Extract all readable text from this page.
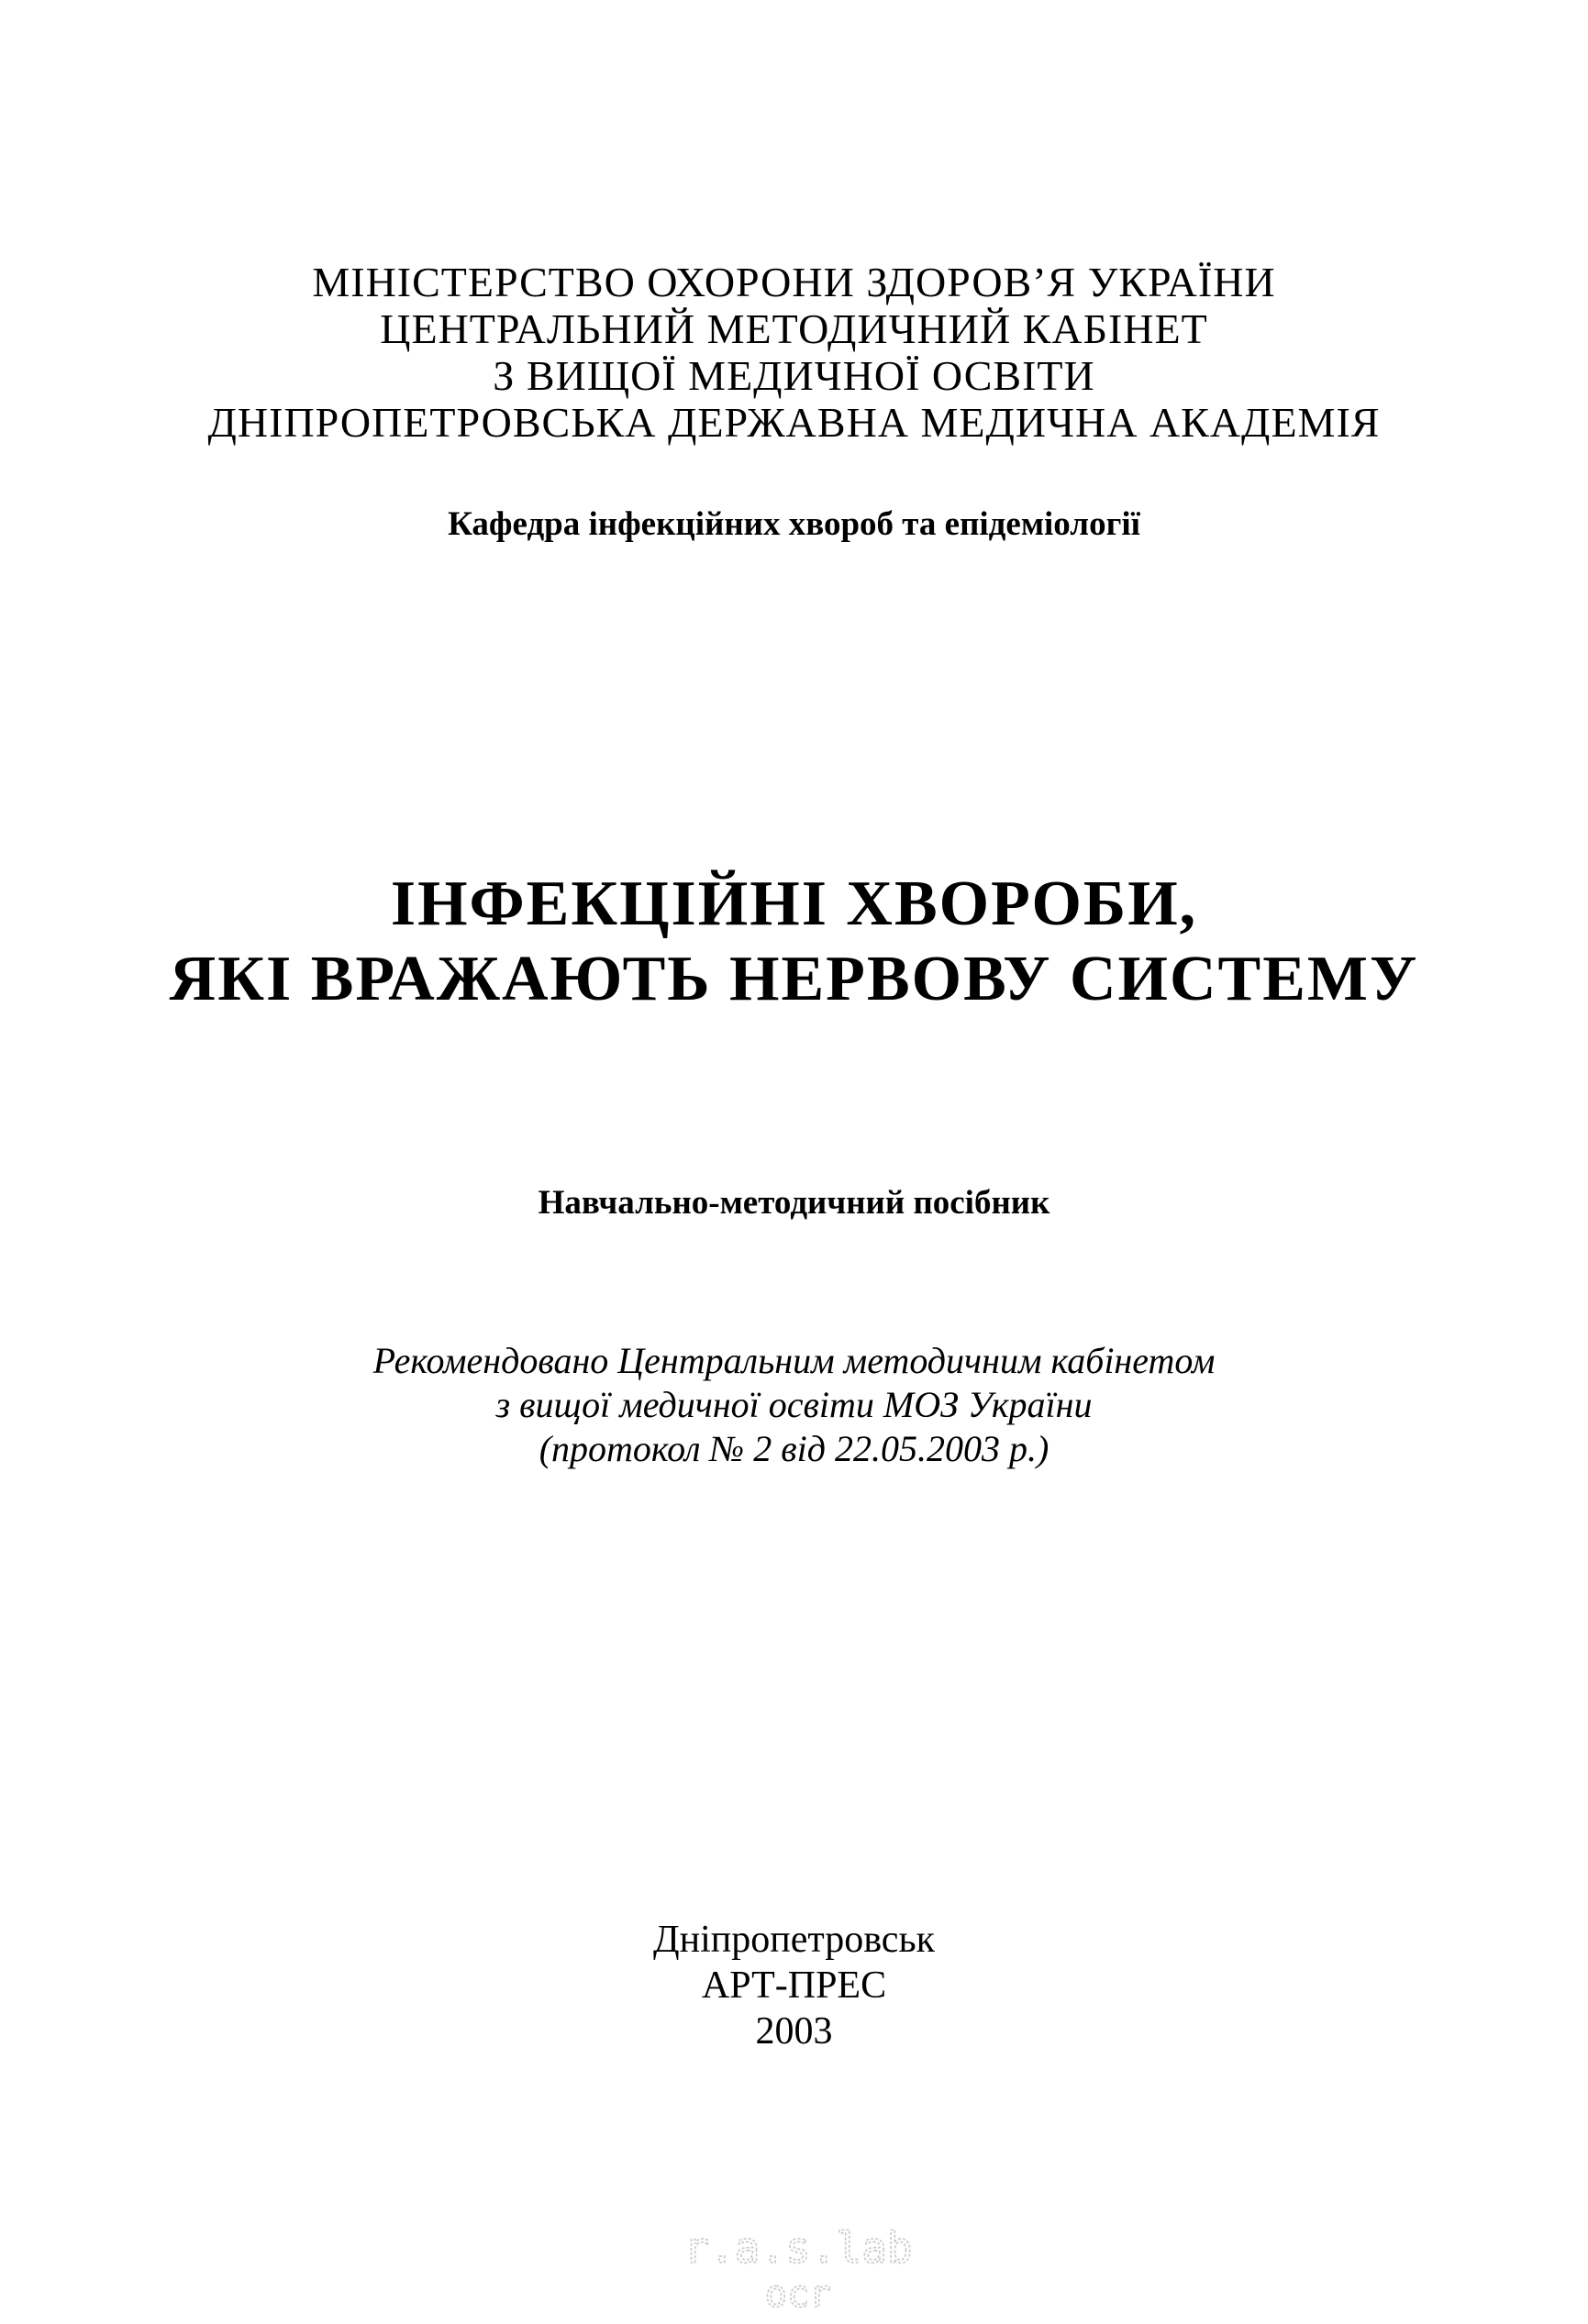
МІНІСТЕРСТВО ОХОРОНИ ЗДОРОВ’Я УКРАЇНИ
ЦЕНТРАЛЬНИЙ МЕТОДИЧНИЙ КАБІНЕТ
З ВИЩОЇ МЕДИЧНОЇ ОСВІТИ
ДНІПРОПЕТРОВСЬКА ДЕРЖАВНА МЕДИЧНА АКАДЕМІЯ
Кафедра інфекційних хвороб та епідеміології
ІНФЕКЦІЙНІ ХВОРОБИ,
ЯКІ ВРАЖАЮТЬ НЕРВОВУ СИСТЕМУ
Навчально-методичний посібник
Рекомендовано Центральним методичним кабінетом
з вищої медичної освіти МОЗ України
(протокол № 2 від 22.05.2003 р.)
Дніпропетровськ
АРТ-ПРЕС
2003
r.a.s.lab
ocr
